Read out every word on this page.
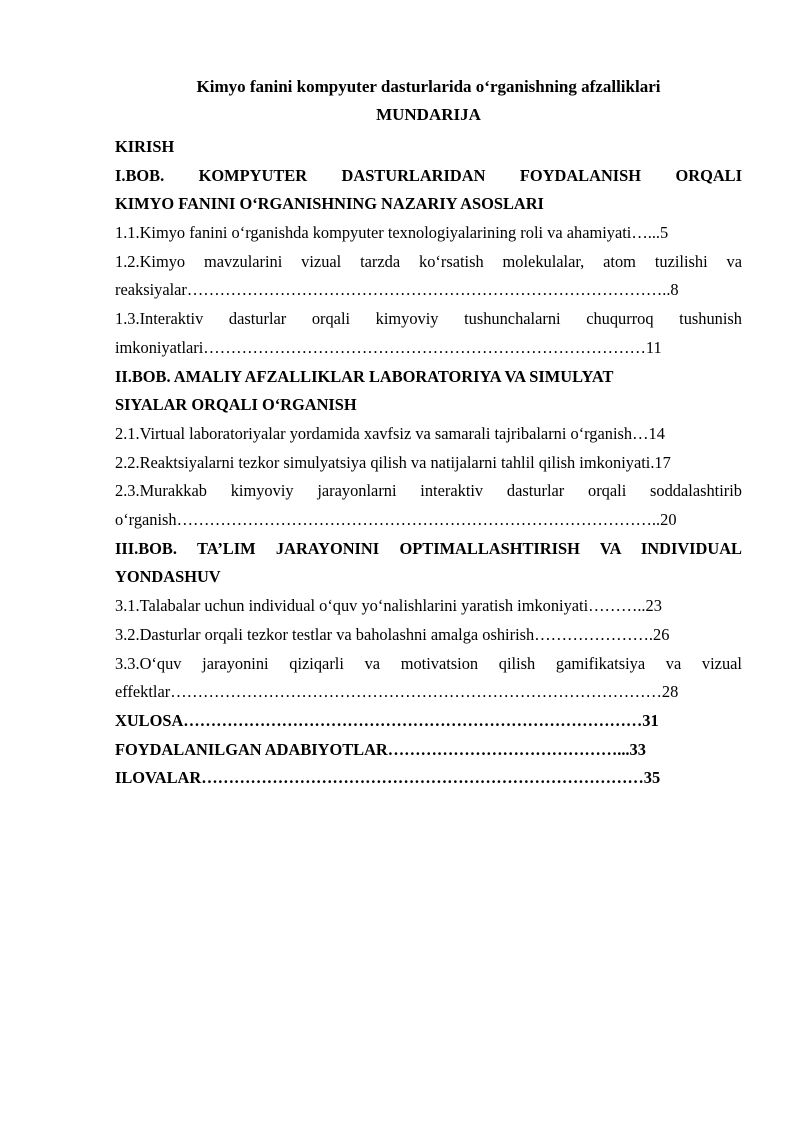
Kimyo fanini kompyuter dasturlarida o‘rganishning afzalliklari
MUNDARIJA
KIRISH
I.BOB. KOMPYUTER DASTURLARIDAN FOYDALANISH ORQALI
KIMYO FANINI O‘RGANISHNING NAZARIY ASOSLARI
1.1.Kimyo fanini o‘rganishda kompyuter texnologiyalarining roli va ahamiyati…...5
1.2.Kimyo mavzularini vizual tarzda ko‘rsatish molekulalar, atom tuzilishi va
reaksiyalar……………………………………………………………………………..8
1.3.Interaktiv dasturlar orqali kimyoviy tushunchalarni chuqurroq tushunish
imkoniyatlari………………………………………………………………………11
II.BOB. AMALIY AFZALLIKLAR LABORATORIYA VA SIMULYAT
SIYALAR ORQALI O‘RGANISH
2.1.Virtual laboratoriyalar yordamida xavfsiz va samarali tajribalarni o‘rganish…14
2.2.Reaktsiyalarni tezkor simulyatsiya qilish va natijalarni tahlil qilish imkoniyati.17
2.3.Murakkab kimyoviy jarayonlarni interaktiv dasturlar orqali soddalashtirib
o‘rganish……………………………………………………………………………..20
III.BOB. TA’LIM JARAYONINI OPTIMALLASHTIRISH VA INDIVIDUAL
YONDASHUV
3.1.Talabalar uchun individual o‘quv yo‘nalishlarini yaratish imkoniyati………..23
3.2.Dasturlar orqali tezkor testlar va baholashni amalga oshirish………………….26
3.3.O‘quv jarayonini qiziqarli va motivatsion qilish gamifikatsiya va vizual
effektlar………………………………………………………………………………28
XULOSA…………………………………………………………………………31
FOYDALANILGAN ADABIYOTLAR……………………………………...33
ILOVALAR………………………………………………………………………35
